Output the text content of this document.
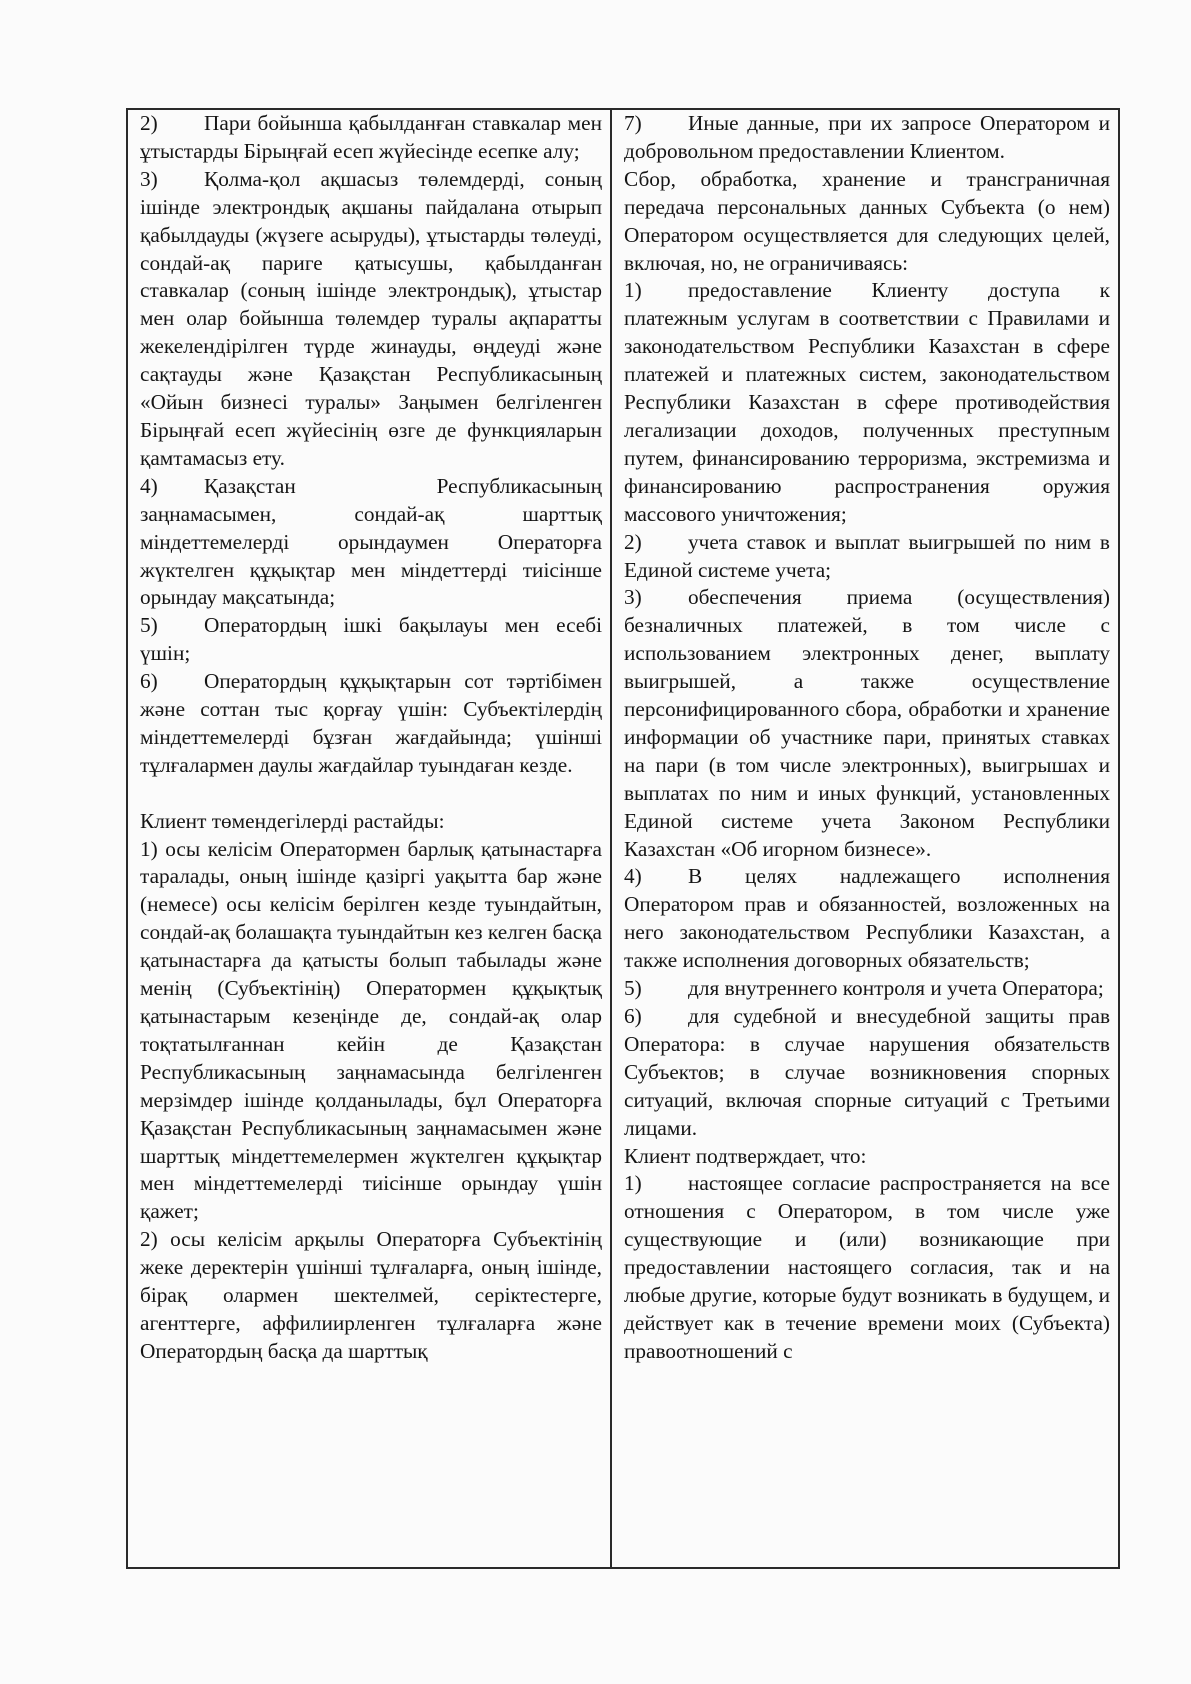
2) Пари бойынша қабылданған ставкалар мен ұтыстарды Бірыңғай есеп жүйесінде есепке алу;

3) Қолма-қол ақшасыз төлемдерді, соның ішінде электрондық ақшаны пайдалана отырып қабылдауды (жүзеге асыруды), ұтыстарды төлеуді, сондай-ақ париге қатысушы, қабылданған ставкалар (соның ішінде электрондық), ұтыстар мен олар бойынша төлемдер туралы ақпаратты жекелендірілген түрде жинауды, өңдеуді және сақтауды және Қазақстан Республикасының «Ойын бизнесі туралы» Заңымен белгіленген Бірыңғай есеп жүйесінің өзге де функцияларын қамтамасыз ету.

4) Қазақстан Республикасының заңнамасымен, сондай-ақ шарттық міндеттемелерді орындаумен Операторға жүктелген құқықтар мен міндеттерді тиісінше орындау мақсатында;

5) Оператордың ішкі бақылауы мен есебі үшін;

6) Оператордың құқықтарын сот тәртібімен және соттан тыс қорғау үшін: Субъектілердің міндеттемелерді бұзған жағдайында; үшінші тұлғалармен даулы жағдайлар туындаған кезде.

Клиент төмендегілерді растайды:

1) осы келісім Оператормен барлық қатынастарға таралады, оның ішінде қазіргі уақытта бар және (немесе) осы келісім берілген кезде туындайтын, сондай-ақ болашақта туындайтын кез келген басқа қатынастарға да қатысты болып табылады және менің (Субъектінің) Оператормен құқықтық қатынастарым кезеңінде де, сондай-ақ олар тоқтатылғаннан кейін де Қазақстан Республикасының заңнамасында белгіленген мерзімдер ішінде қолданылады, бұл Операторға Қазақстан Республикасының заңнамасымен және шарттық міндеттемелермен жүктелген құқықтар мен міндеттемелерді тиісінше орындау үшін қажет;

2) осы келісім арқылы Операторға Субъектінің жеке деректерін үшінші тұлғаларға, оның ішінде, бірақ олармен шектелмей, серіктестерге, агенттерге, аффилиирленген тұлғаларға және Оператордың басқа да шарттық

7) Иные данные, при их запросе Оператором и добровольном предоставлении Клиентом.

Сбор, обработка, хранение и трансграничная передача персональных данных Субъекта (о нем) Оператором осуществляется для следующих целей, включая, но, не ограничиваясь:

1) предоставление Клиенту доступа к платежным услугам в соответствии с Правилами и законодательством Республики Казахстан в сфере платежей и платежных систем, законодательством Республики Казахстан в сфере противодействия легализации доходов, полученных преступным путем, финансированию терроризма, экстремизма и финансированию распространения оружия массового уничтожения;

2) учета ставок и выплат выигрышей по ним в Единой системе учета;

3) обеспечения приема (осуществления) безналичных платежей, в том числе с использованием электронных денег, выплату выигрышей, а также осуществление персонифицированного сбора, обработки и хранение информации об участнике пари, принятых ставках на пари (в том числе электронных), выигрышах и выплатах по ним и иных функций, установленных Единой системе учета Законом Республики Казахстан «Об игорном бизнесе».

4) В целях надлежащего исполнения Оператором прав и обязанностей, возложенных на него законодательством Республики Казахстан, а также исполнения договорных обязательств;

5) для внутреннего контроля и учета Оператора;

6) для судебной и внесудебной защиты прав Оператора: в случае нарушения обязательств Субъектов; в случае возникновения спорных ситуаций, включая спорные ситуаций с Третьими лицами.

Клиент подтверждает, что:

1) настоящее согласие распространяется на все отношения с Оператором, в том числе уже существующие и (или) возникающие при предоставлении настоящего согласия, так и на любые другие, которые будут возникать в будущем, и действует как в течение времени моих (Субъекта) правоотношений с
